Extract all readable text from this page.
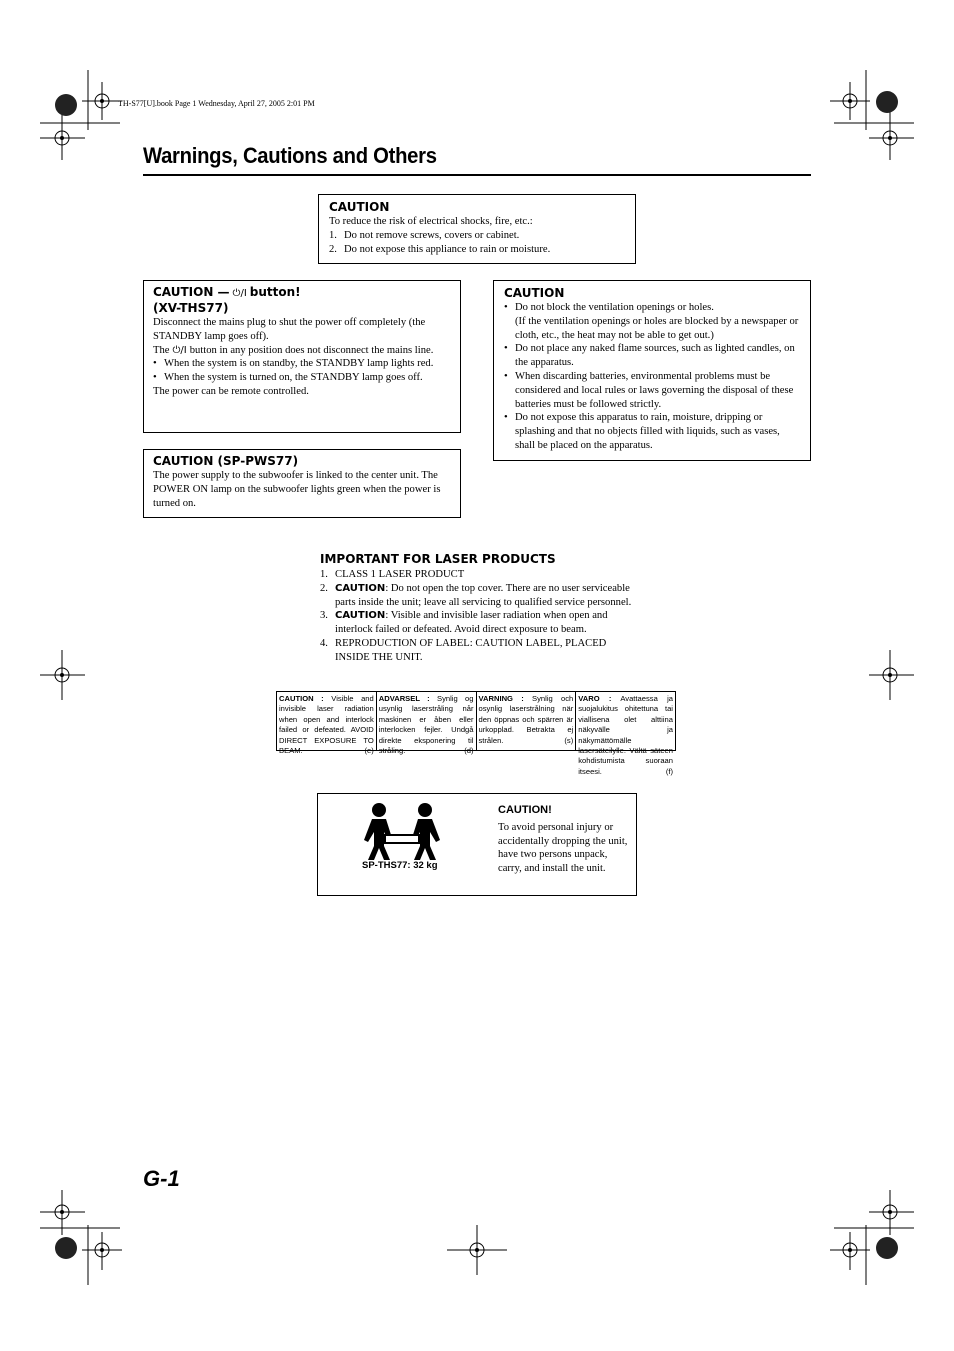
TH-S77[U].book Page 1 Wednesday, April 27, 2005 2:01 PM
Warnings, Cautions and Others
CAUTION
To reduce the risk of electrical shocks, fire, etc.:
1. Do not remove screws, covers or cabinet.
2. Do not expose this appliance to rain or moisture.
CAUTION — ⏻/I button!
(XV-THS77)
Disconnect the mains plug to shut the power off completely (the STANDBY lamp goes off).
The ⏻/I button in any position does not disconnect the mains line.
• When the system is on standby, the STANDBY lamp lights red.
• When the system is turned on, the STANDBY lamp goes off.
The power can be remote controlled.
CAUTION (SP-PWS77)
The power supply to the subwoofer is linked to the center unit. The POWER ON lamp on the subwoofer lights green when the power is turned on.
CAUTION
• Do not block the ventilation openings or holes.
(If the ventilation openings or holes are blocked by a newspaper or cloth, etc., the heat may not be able to get out.)
• Do not place any naked flame sources, such as lighted candles, on the apparatus.
• When discarding batteries, environmental problems must be considered and local rules or laws governing the disposal of these batteries must be followed strictly.
• Do not expose this apparatus to rain, moisture, dripping or splashing and that no objects filled with liquids, such as vases, shall be placed on the apparatus.
IMPORTANT FOR LASER PRODUCTS
1. CLASS 1 LASER PRODUCT
2. CAUTION: Do not open the top cover. There are no user serviceable parts inside the unit; leave all servicing to qualified service personnel.
3. CAUTION: Visible and invisible laser radiation when open and interlock failed or defeated. Avoid direct exposure to beam.
4. REPRODUCTION OF LABEL: CAUTION LABEL, PLACED INSIDE THE UNIT.
CAUTION : Visible and invisible laser radiation when open and interlock failed or defeated. AVOID DIRECT EXPOSURE TO BEAM.	(e)
ADVARSEL : Synlig og usynlig laserstråling når maskinen er åben eller interlocken fejler. Undgå direkte eksponering til stråling.	(d)
VARNING : Synlig och osynlig laserstrålning när den öppnas och spärren är urkopplad. Betrakta ej strålen.	(s)
VARO : Avattaessa ja suojalukitus ohitettuna tai viallisena olet alttiina näkyvälle ja näkymättömälle lasersäteilylle. Vältä säteen kohdistumista suoraan itseesi.	(f)
SP-THS77: 32 kg
CAUTION!
To avoid personal injury or accidentally dropping the unit, have two persons unpack, carry, and install the unit.
G-1
